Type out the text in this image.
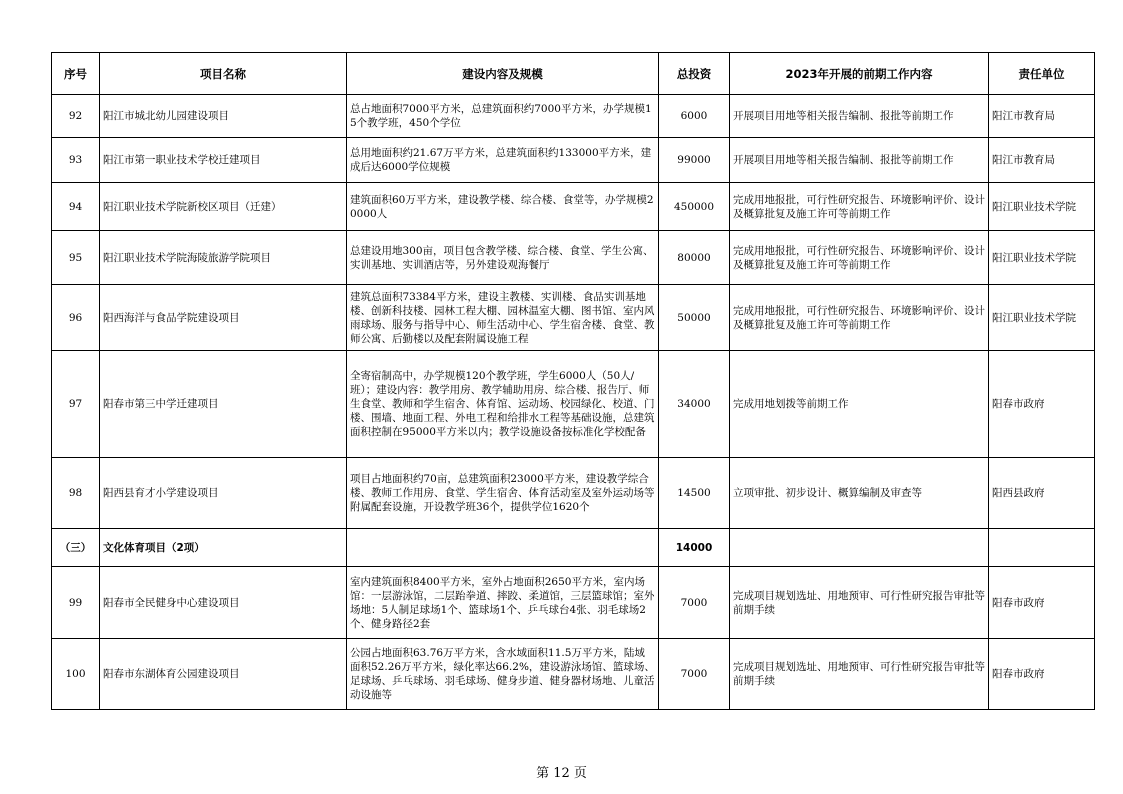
序号	项目名称	建设内容及规模	总投资	2023年开展的前期工作内容	责任单位
92	阳江市城北幼儿园建设项目	总占地面积7000平方米，总建筑面积约7000平方米，办学规模15个教学班，450个学位	6000	开展项目用地等相关报告编制、报批等前期工作	阳江市教育局
93	阳江市第一职业技术学校迁建项目	总用地面积约21.67万平方米，总建筑面积约133000平方米，建成后达6000学位规模	99000	开展项目用地等相关报告编制、报批等前期工作	阳江市教育局
94	阳江职业技术学院新校区项目（迁建）	建筑面积60万平方米，建设教学楼、综合楼、食堂等，办学规模20000人	450000	完成用地报批，可行性研究报告、环境影响评价、设计及概算批复及施工许可等前期工作	阳江职业技术学院
95	阳江职业技术学院海陵旅游学院项目	总建设用地300亩，项目包含教学楼、综合楼、食堂、学生公寓、实训基地、实训酒店等，另外建设观海餐厅	80000	完成用地报批，可行性研究报告、环境影响评价、设计及概算批复及施工许可等前期工作	阳江职业技术学院
96	阳西海洋与食品学院建设项目	建筑总面积73384平方米，建设主教楼、实训楼、食品实训基地楼、创新科技楼、园林工程大棚、园林温室大棚、图书馆、室内风雨球场、服务与指导中心、师生活动中心、学生宿舍楼、食堂、教师公寓、后勤楼以及配套附属设施工程	50000	完成用地报批，可行性研究报告、环境影响评价、设计及概算批复及施工许可等前期工作	阳江职业技术学院
97	阳春市第三中学迁建项目	全寄宿制高中，办学规模120个教学班，学生6000人（50人/班）；建设内容：教学用房、教学辅助用房、综合楼、报告厅、师生食堂、教师和学生宿舍、体育馆、运动场、校园绿化、校道、门楼、围墙、地面工程、外电工程和给排水工程等基础设施，总建筑面积控制在95000平方米以内；教学设施设备按标准化学校配备	34000	完成用地划拨等前期工作	阳春市政府
98	阳西县育才小学建设项目	项目占地面积约70亩，总建筑面积23000平方米，建设教学综合楼、教师工作用房、食堂、学生宿舍、体育活动室及室外运动场等附属配套设施，开设教学班36个，提供学位1620个	14500	立项审批、初步设计、概算编制及审查等	阳西县政府
（三）	文化体育项目（2项）		14000		
99	阳春市全民健身中心建设项目	室内建筑面积8400平方米，室外占地面积2650平方米，室内场馆：一层游泳馆，二层跆拳道、摔跤、柔道馆，三层篮球馆；室外场地：5人制足球场1个、篮球场1个、乒乓球台4张、羽毛球场2个、健身路径2套	7000	完成项目规划选址、用地预审、可行性研究报告审批等前期手续	阳春市政府
100	阳春市东湖体育公园建设项目	公园占地面积63.76万平方米，含水域面积11.5万平方米，陆域面积52.26万平方米，绿化率达66.2%，建设游泳场馆、篮球场、足球场、乒乓球场、羽毛球场、健身步道、健身器材场地、儿童活动设施等	7000	完成项目规划选址、用地预审、可行性研究报告审批等前期手续	阳春市政府
第 12 页
